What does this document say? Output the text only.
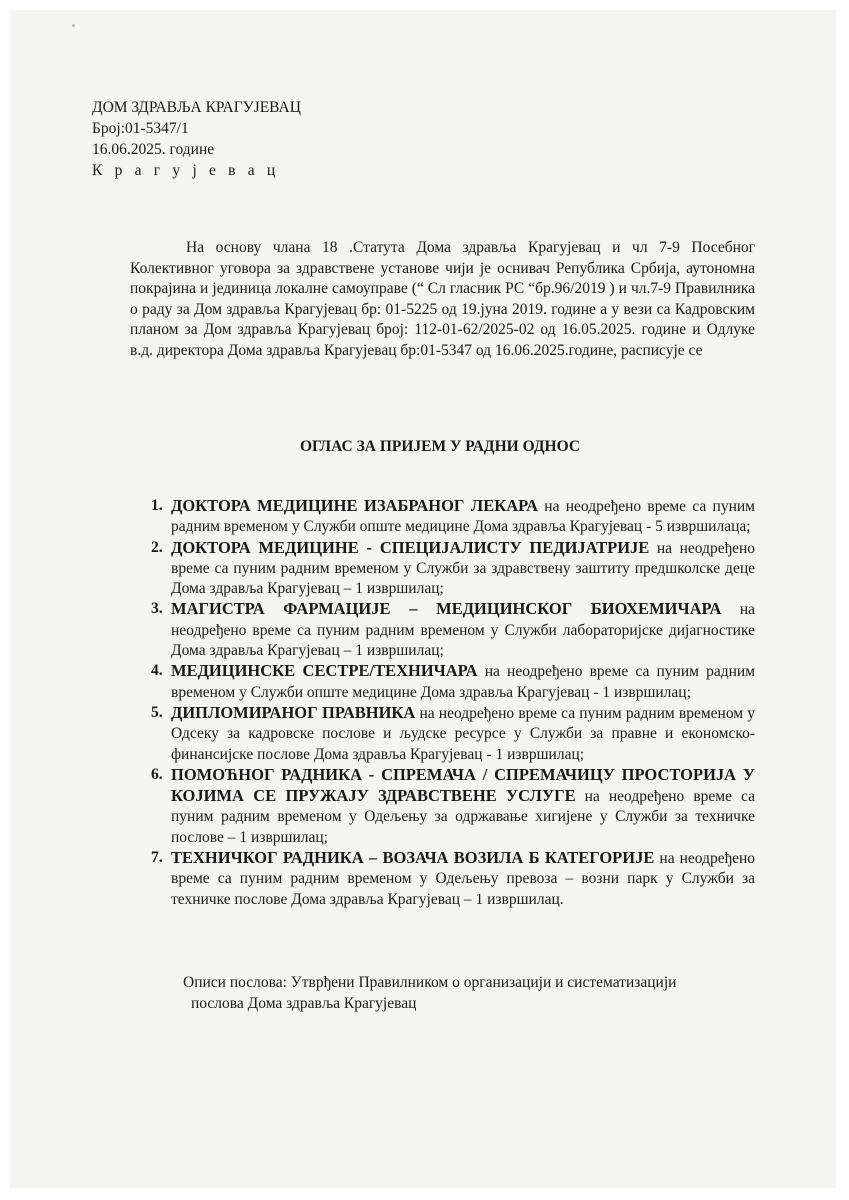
ДОМ ЗДРАВЉА КРАГУЈЕВАЦ
Број:01-5347/1
16.06.2025. године
К р а г у ј е в а ц
На основу члана 18 .Статута Дома здравља Крагујевац и чл 7-9 Посебног Колективног уговора за здравствене установе чији је оснивач Република Србија, аутономна покрајина и јединица локалне самоуправе (“ Сл гласник РС “бр.96/2019 ) и чл.7-9 Правилника о раду за Дом здравља Крагујевац бр: 01-5225 од 19.јуна 2019. године а у вези са Кадровским планом за Дом здравља Крагујевац број: 112-01-62/2025-02 од 16.05.2025. године и Одлуке в.д. директора Дома здравља Крагујевац бр:01-5347 од 16.06.2025.године, расписује се
ОГЛАС ЗА ПРИЈЕМ У РАДНИ ОДНОС
1. ДОКТОРА МЕДИЦИНЕ ИЗАБРАНОГ ЛЕКАРА на неодређено време са пуним радним временом у Служби опште медицине Дома здравља Крагујевац - 5 извршилаца;
2. ДОКТОРА МЕДИЦИНЕ - СПЕЦИЈАЛИСТУ ПЕДИЈАТРИЈЕ на неодређено време са пуним радним временом у Служби за здравствену заштиту предшколске деце Дома здравља Крагујевац – 1 извршилац;
3. МАГИСТРА ФАРМАЦИЈЕ – МЕДИЦИНСКОГ БИОХЕМИЧАРА на неодређено време са пуним радним временом у Служби лабораторијске дијагностике Дома здравља Крагујевац – 1 извршилац;
4. МЕДИЦИНСКЕ СЕСТРЕ/ТЕХНИЧАРА на неодређено време са пуним радним временом у Служби опште медицине Дома здравља Крагујевац - 1 извршилац;
5. ДИПЛОМИРАНОГ ПРАВНИКА на неодређено време са пуним радним временом у Одсеку за кадровске послове и људске ресурсе у Служби за правне и економско-финансијске послове Дома здравља Крагујевац - 1 извршилац;
6. ПОМОЋНОГ РАДНИКА - СПРЕМАЧА / СПРЕМАЧИЦУ ПРОСТОРИЈА У КОЈИМА СЕ ПРУЖАЈУ ЗДРАВСТВЕНЕ УСЛУГЕ на неодређено време са пуним радним временом у Одељењу за одржавање хигијене у Служби за техничке послове – 1 извршилац;
7. ТЕХНИЧКОГ РАДНИКА – ВОЗАЧА ВОЗИЛА Б КАТЕГОРИЈЕ на неодређено време са пуним радним временом у Одељењу превоза – возни парк у Служби за техничке послове Дома здравља Крагујевац – 1 извршилац.
Описи послова: Утврђени Правилником о организацији и систематизацији
послова Дома здравља Крагујевац
